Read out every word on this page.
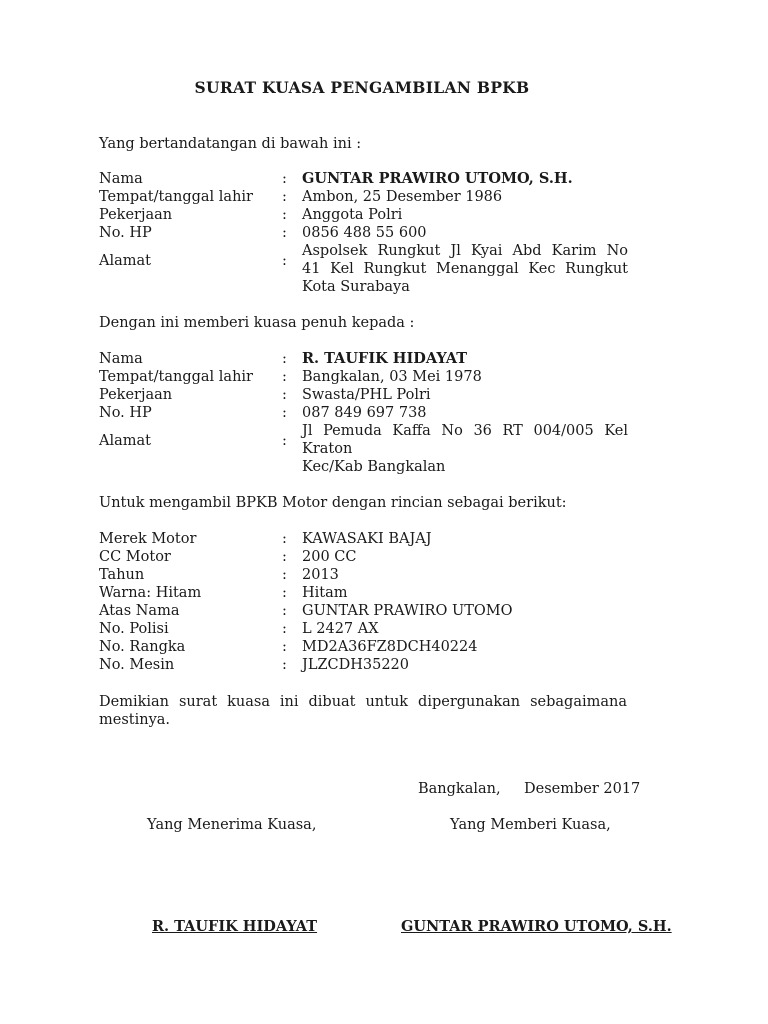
SURAT KUASA PENGAMBILAN BPKB
Yang bertandatangan di bawah ini :
Nama	: GUNTAR PRAWIRO UTOMO, S.H.
Tempat/tanggal lahir : Ambon, 25 Desember 1986
Pekerjaan	: Anggota Polri
No. HP	: 0856 488 55 600
Alamat	:
Aspolsek Rungkut Jl Kyai Abd Karim No
41 Kel Rungkut Menanggal Kec Rungkut
Kota Surabaya
Dengan ini memberi kuasa penuh kepada :
Nama	: R. TAUFIK HIDAYAT
Tempat/tanggal lahir : Bangkalan, 03 Mei 1978
Pekerjaan	: Swasta/PHL Polri
No. HP	: 087 849 697 738
Alamat	:
Jl Pemuda Kaffa No 36 RT 004/005 Kel
Kraton
Kec/Kab Bangkalan
Untuk mengambil BPKB Motor dengan rincian sebagai berikut:
Merek Motor	: KAWASAKI BAJAJ
CC Motor	: 200 CC
Tahun	: 2013
Warna: Hitam	: Hitam
Atas Nama	: GUNTAR PRAWIRO UTOMO
No. Polisi	: L 2427 AX
No. Rangka	: MD2A36FZ8DCH40224
No. Mesin	: JLZCDH35220
Demikian surat kuasa ini dibuat untuk dipergunakan sebagaimana
mestinya.
Bangkalan, Desember 2017
Yang Menerima Kuasa,	Yang Memberi Kuasa,
R. TAUFIK HIDAYAT	GUNTAR PRAWIRO UTOMO, S.H.
